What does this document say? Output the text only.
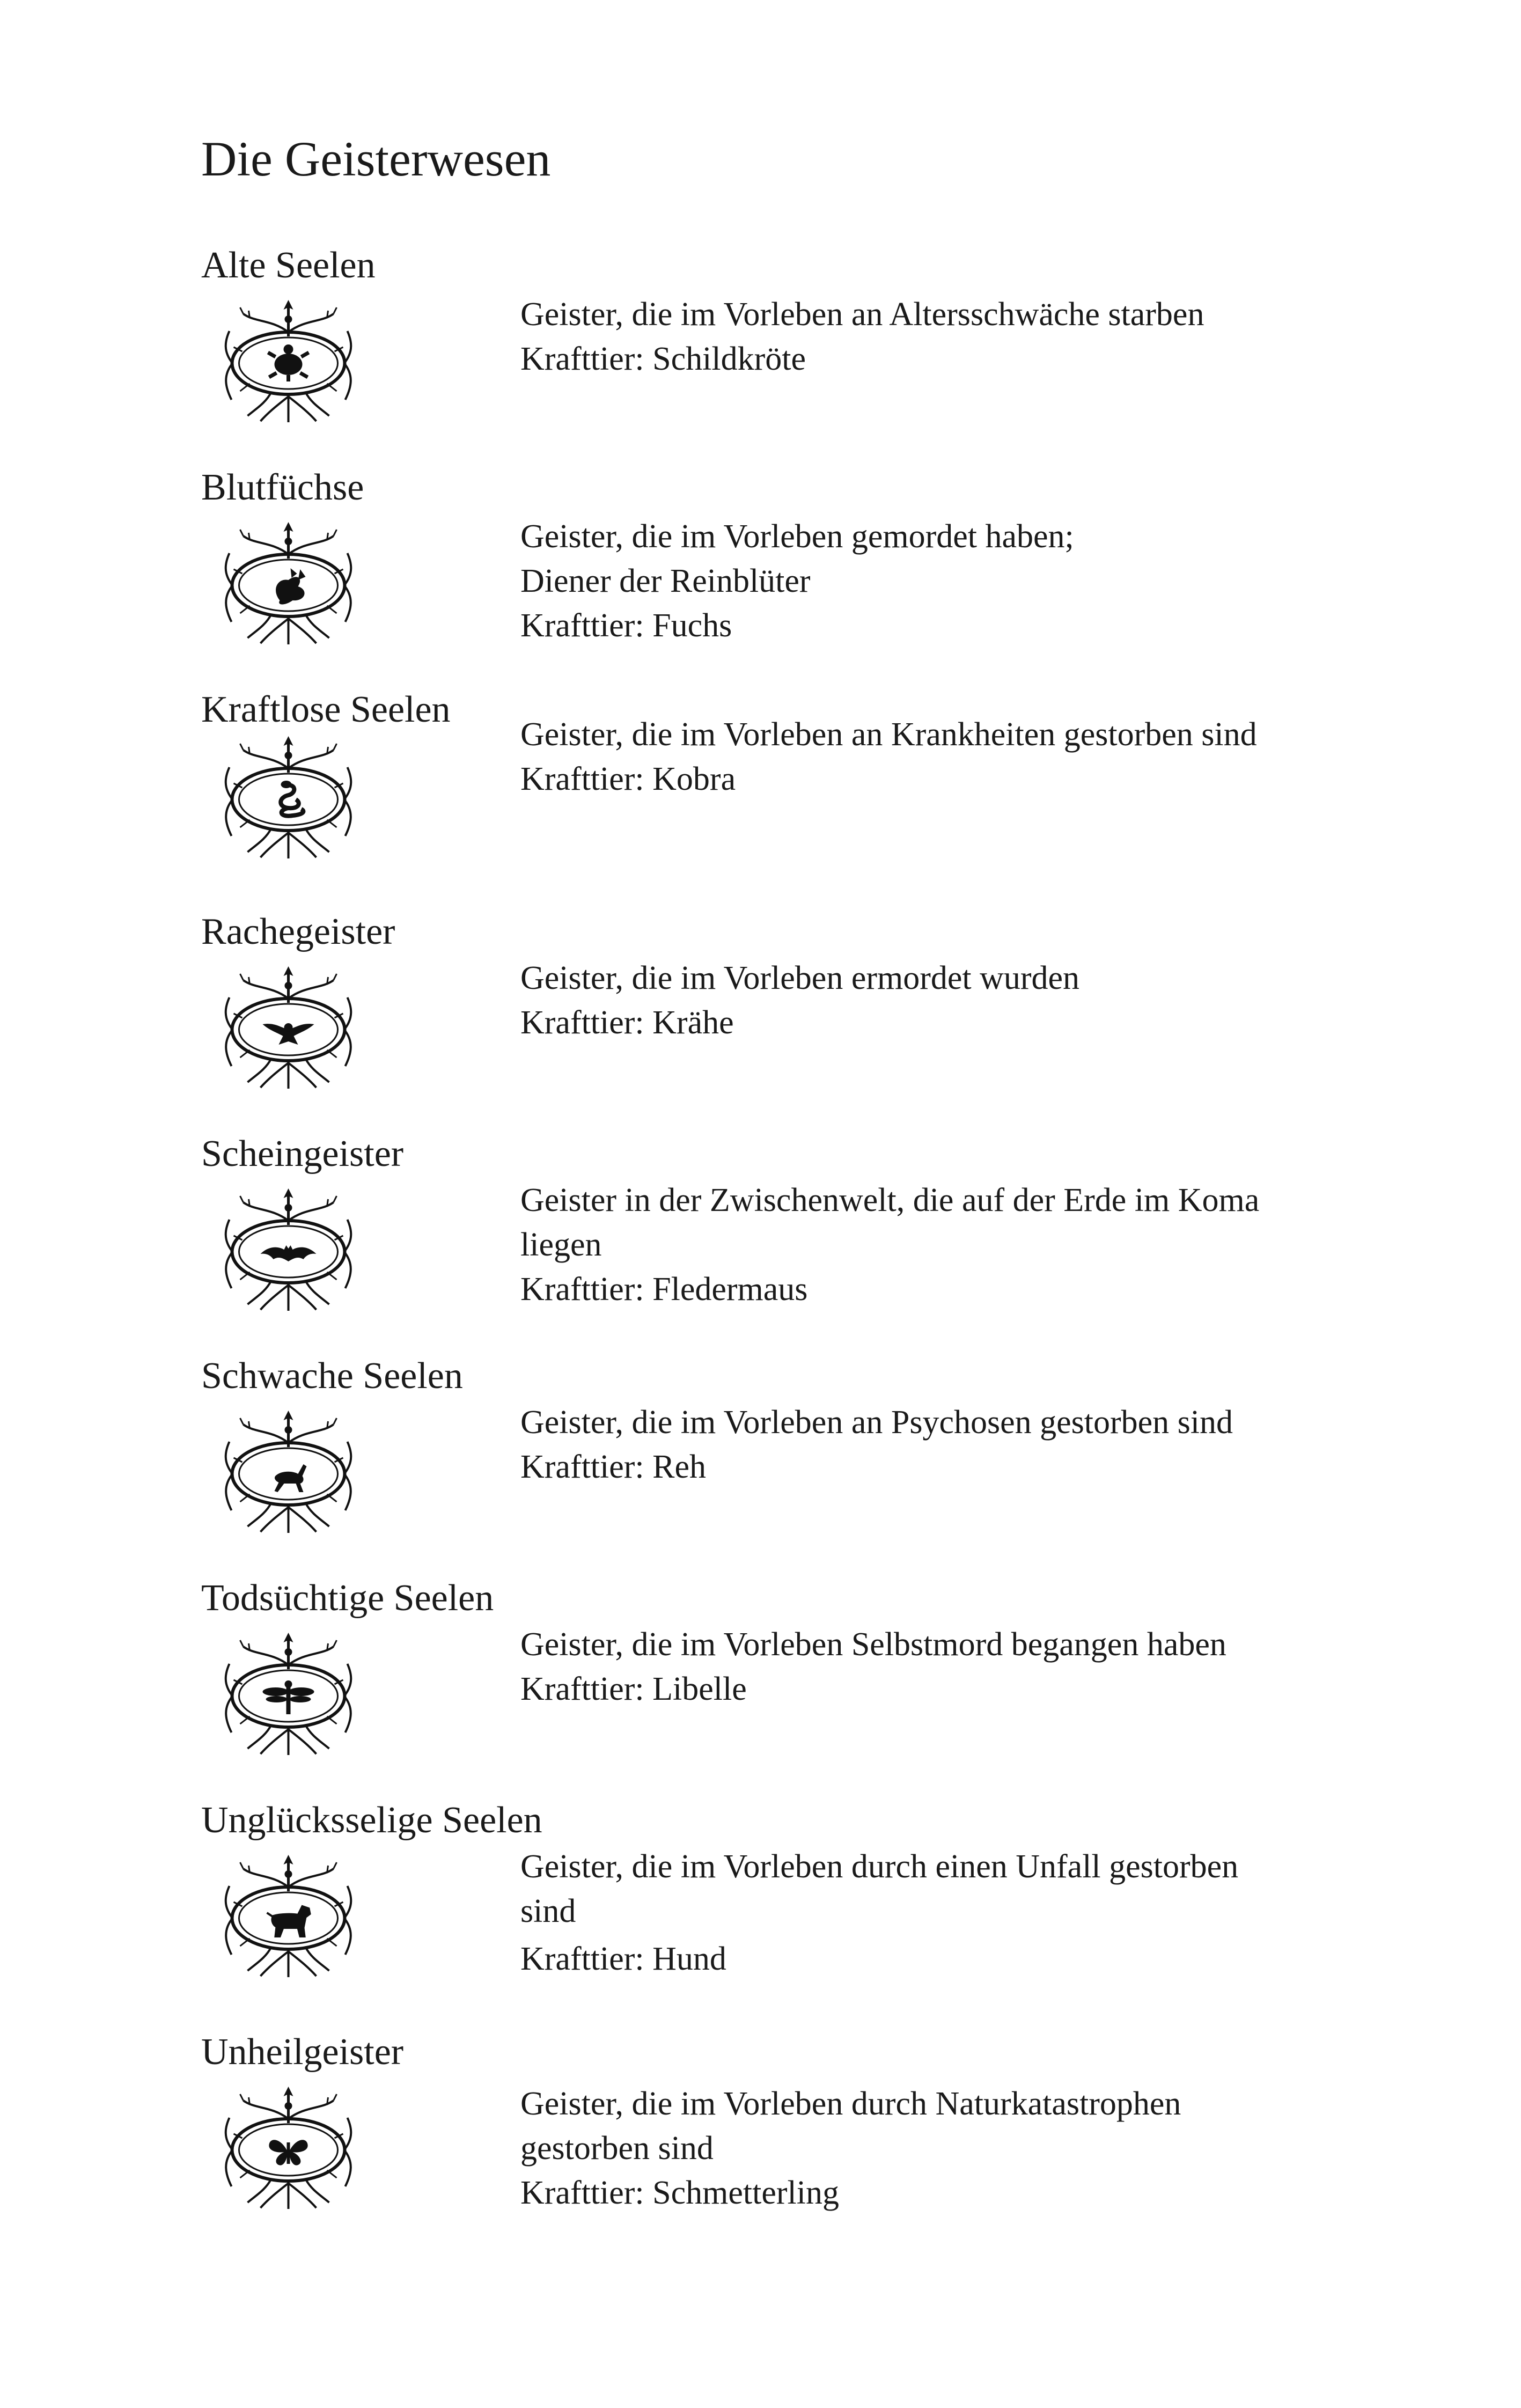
Die Geisterwesen
Alte Seelen
Geister, die im Vorleben an Altersschwäche starben
Krafttier: Schildkröte
Blutfüchse
Geister, die im Vorleben gemordet haben;
Diener der Reinblüter
Krafttier: Fuchs
Kraftlose Seelen
Geister, die im Vorleben an Krankheiten gestorben sind
Krafttier: Kobra
Rachegeister
Geister, die im Vorleben ermordet wurden
Krafttier: Krähe
Scheingeister
Geister in der Zwischenwelt, die auf der Erde im Koma
liegen
Krafttier: Fledermaus
Schwache Seelen
Geister, die im Vorleben an Psychosen gestorben sind
Krafttier: Reh
Todsüchtige Seelen
Geister, die im Vorleben Selbstmord begangen haben
Krafttier: Libelle
Unglücksselige Seelen
Geister, die im Vorleben durch einen Unfall gestorben
sind
Krafttier: Hund
Unheilgeister
Geister, die im Vorleben durch Naturkatastrophen
gestorben sind
Krafttier: Schmetterling
